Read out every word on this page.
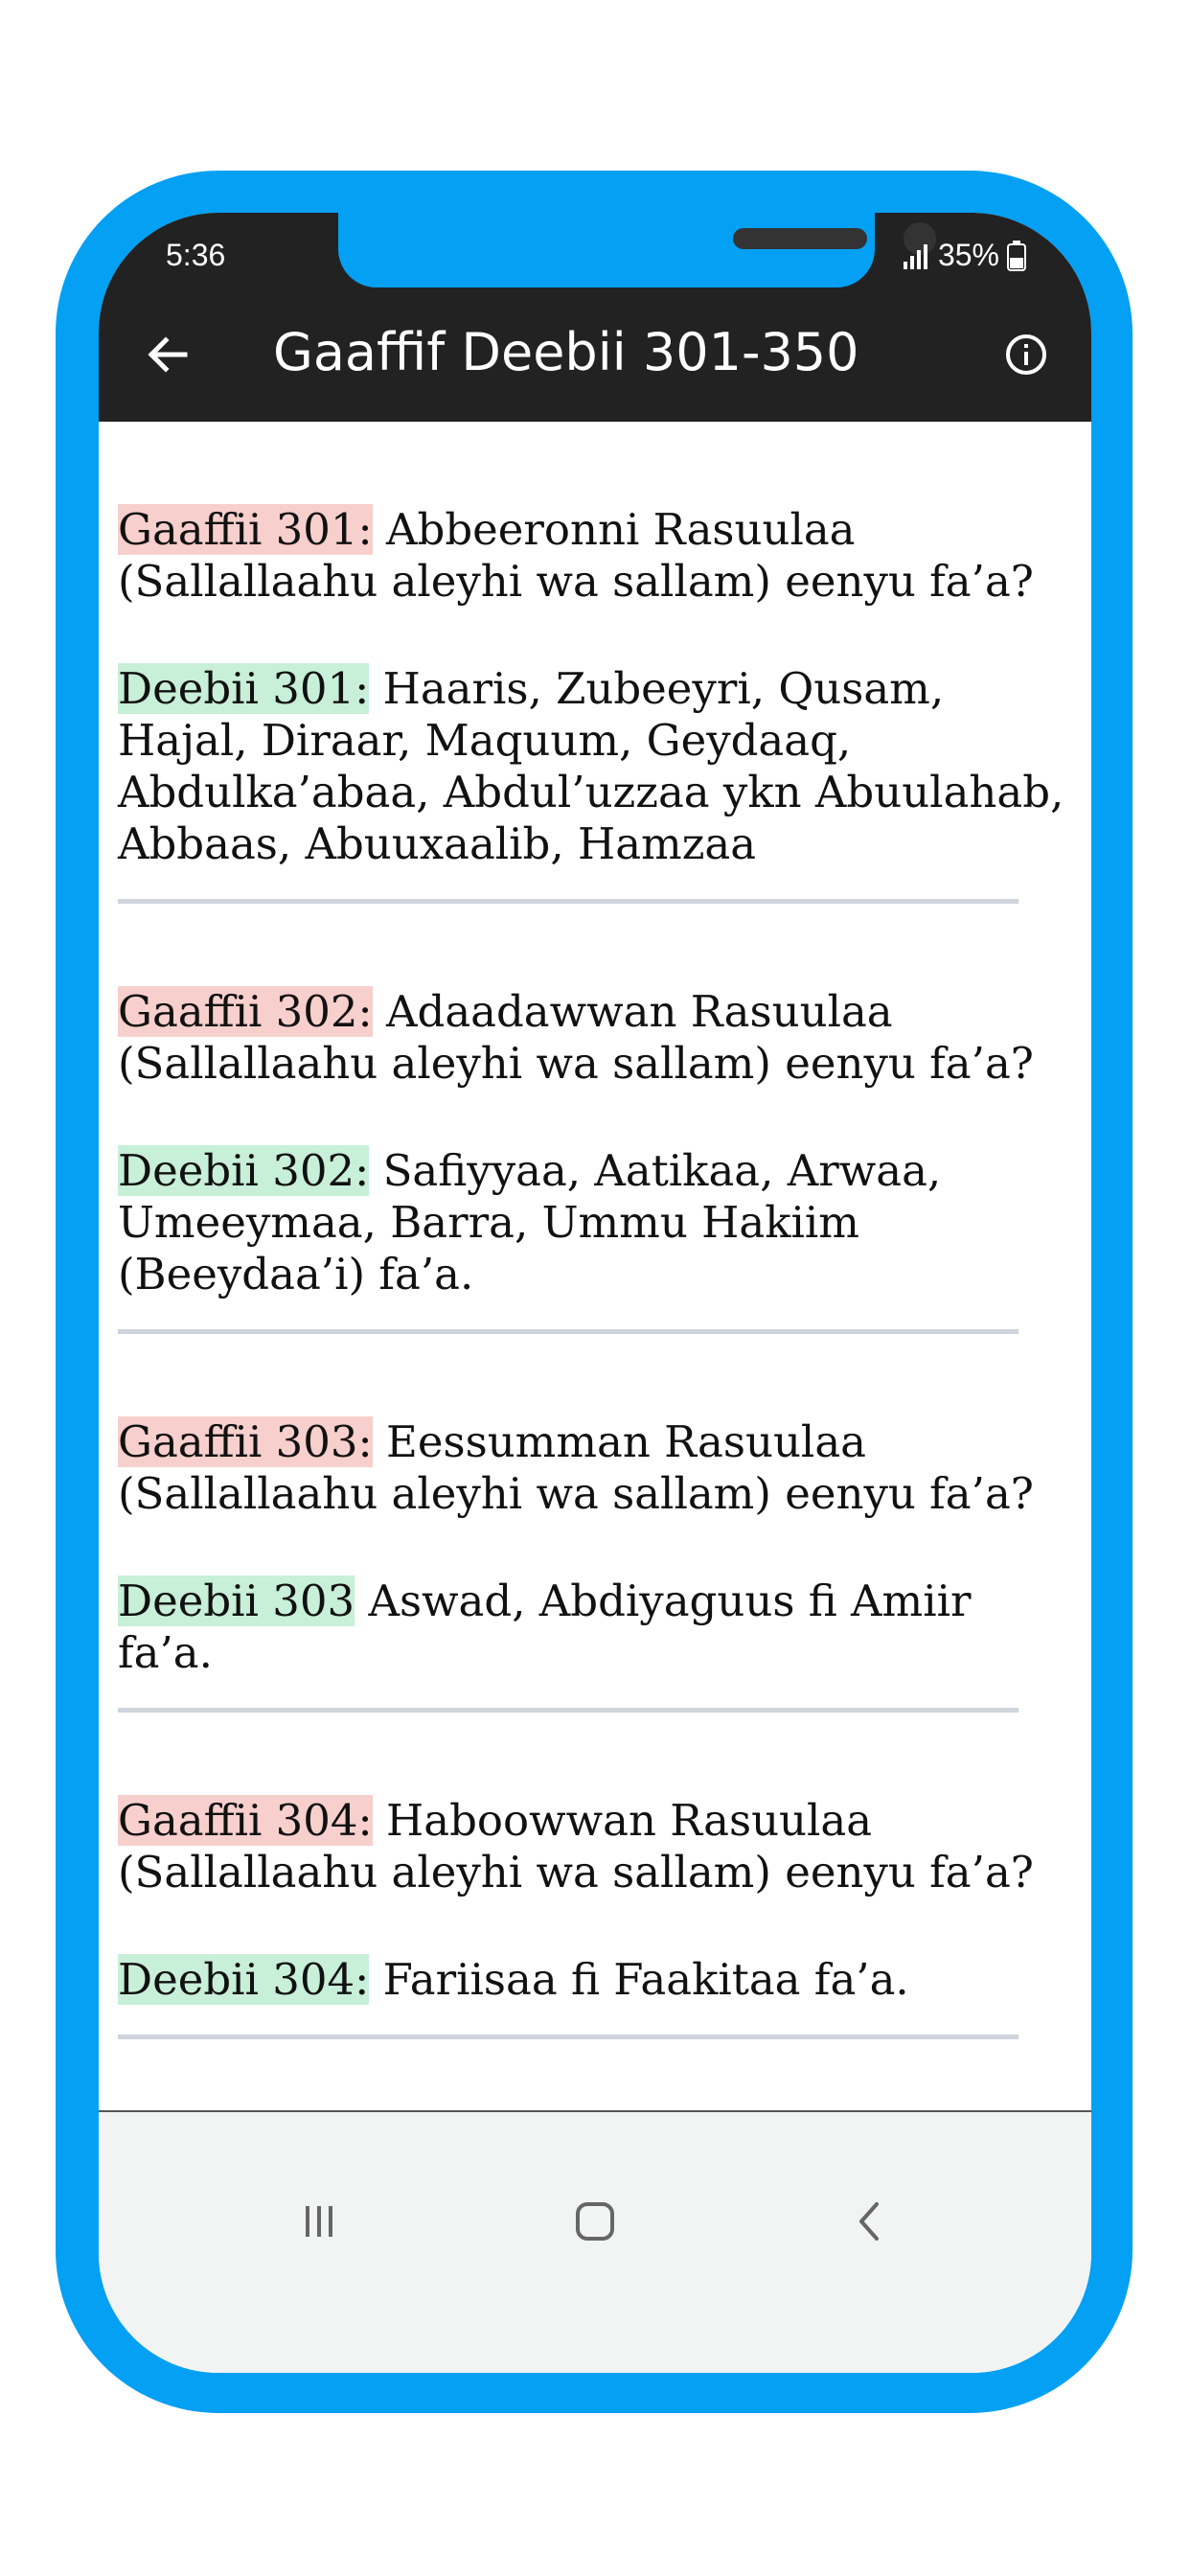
5:36	35%
Gaaffif Deebii 301-350

Gaaffii 301: Abbeeronni Rasuulaa (Sallallaahu aleyhi wa sallam) eenyu fa’a?

Deebii 301: Haaris, Zubeeyri, Qusam, Hajal, Diraar, Maquum, Geydaaq, Abdulka’abaa, Abdul’uzzaa ykn Abuulahab, Abbaas, Abuuxaalib, Hamzaa

Gaaffii 302: Adaadawwan Rasuulaa (Sallallaahu aleyhi wa sallam) eenyu fa’a?

Deebii 302: Safiyyaa, Aatikaa, Arwaa, Umeeymaa, Barra, Ummu Hakiim (Beeydaa’i) fa’a.

Gaaffii 303: Eessumman Rasuulaa (Sallallaahu aleyhi wa sallam) eenyu fa’a?

Deebii 303 Aswad, Abdiyaguus fi Amiir fa’a.

Gaaffii 304: Haboowwan Rasuulaa (Sallallaahu aleyhi wa sallam) eenyu fa’a?

Deebii 304: Fariisaa fi Faakitaa fa’a.
